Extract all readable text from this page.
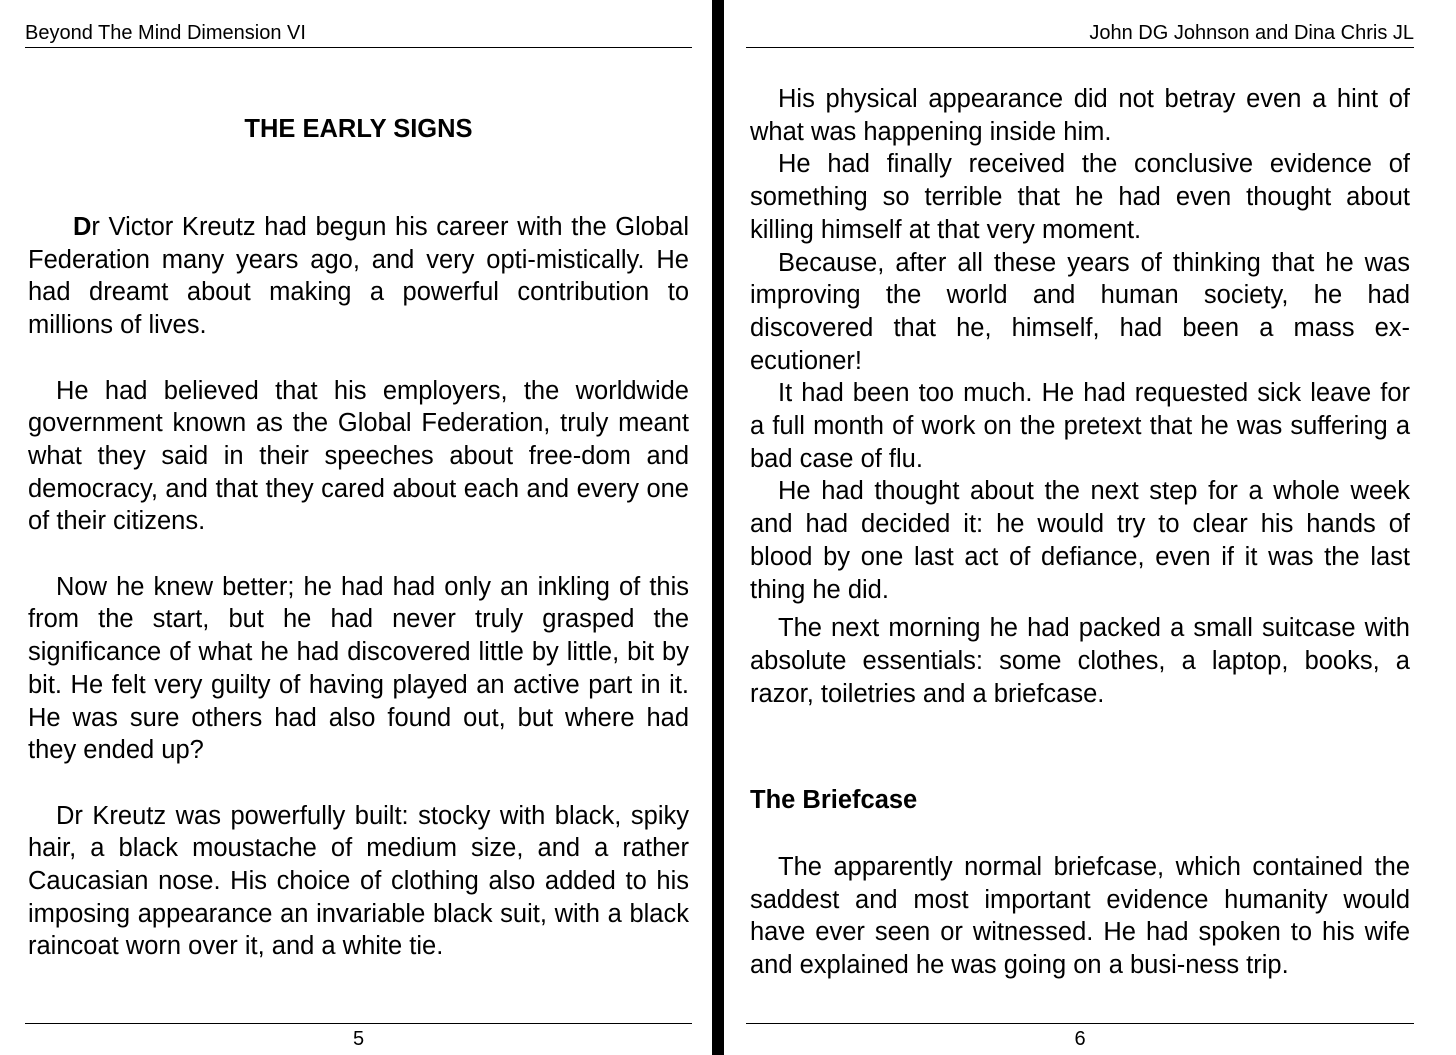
Beyond The Mind Dimension VI
THE EARLY SIGNS

Dr Victor Kreutz had begun his career with the Global Federation many years ago, and very opti-mistically. He had dreamt about making a powerful contribution to millions of lives.

He had believed that his employers, the worldwide government known as the Global Federation, truly meant what they said in their speeches about free-dom and democracy, and that they cared about each and every one of their citizens.

Now he knew better; he had had only an inkling of this from the start, but he had never truly grasped the significance of what he had discovered little by little, bit by bit. He felt very guilty of having played an active part in it. He was sure others had also found out, but where had they ended up?

Dr Kreutz was powerfully built: stocky with black, spiky hair, a black moustache of medium size, and a rather Caucasian nose. His choice of clothing also added to his imposing appearance an invariable black suit, with a black raincoat worn over it, and a white tie.

5
John DG Johnson and Dina Chris JL

His physical appearance did not betray even a hint of what was happening inside him.

He had finally received the conclusive evidence of something so terrible that he had even thought about killing himself at that very moment.

Because, after all these years of thinking that he was improving the world and human society, he had discovered that he, himself, had been a mass ex-ecutioner!

It had been too much. He had requested sick leave for a full month of work on the pretext that he was suffering a bad case of flu.

He had thought about the next step for a whole week and had decided it: he would try to clear his hands of blood by one last act of defiance, even if it was the last thing he did.

The next morning he had packed a small suitcase with absolute essentials: some clothes, a laptop, books, a razor, toiletries and a briefcase.

The Briefcase

The apparently normal briefcase, which contained the saddest and most important evidence humanity would have ever seen or witnessed. He had spoken to his wife and explained he was going on a busi-ness trip.

6
